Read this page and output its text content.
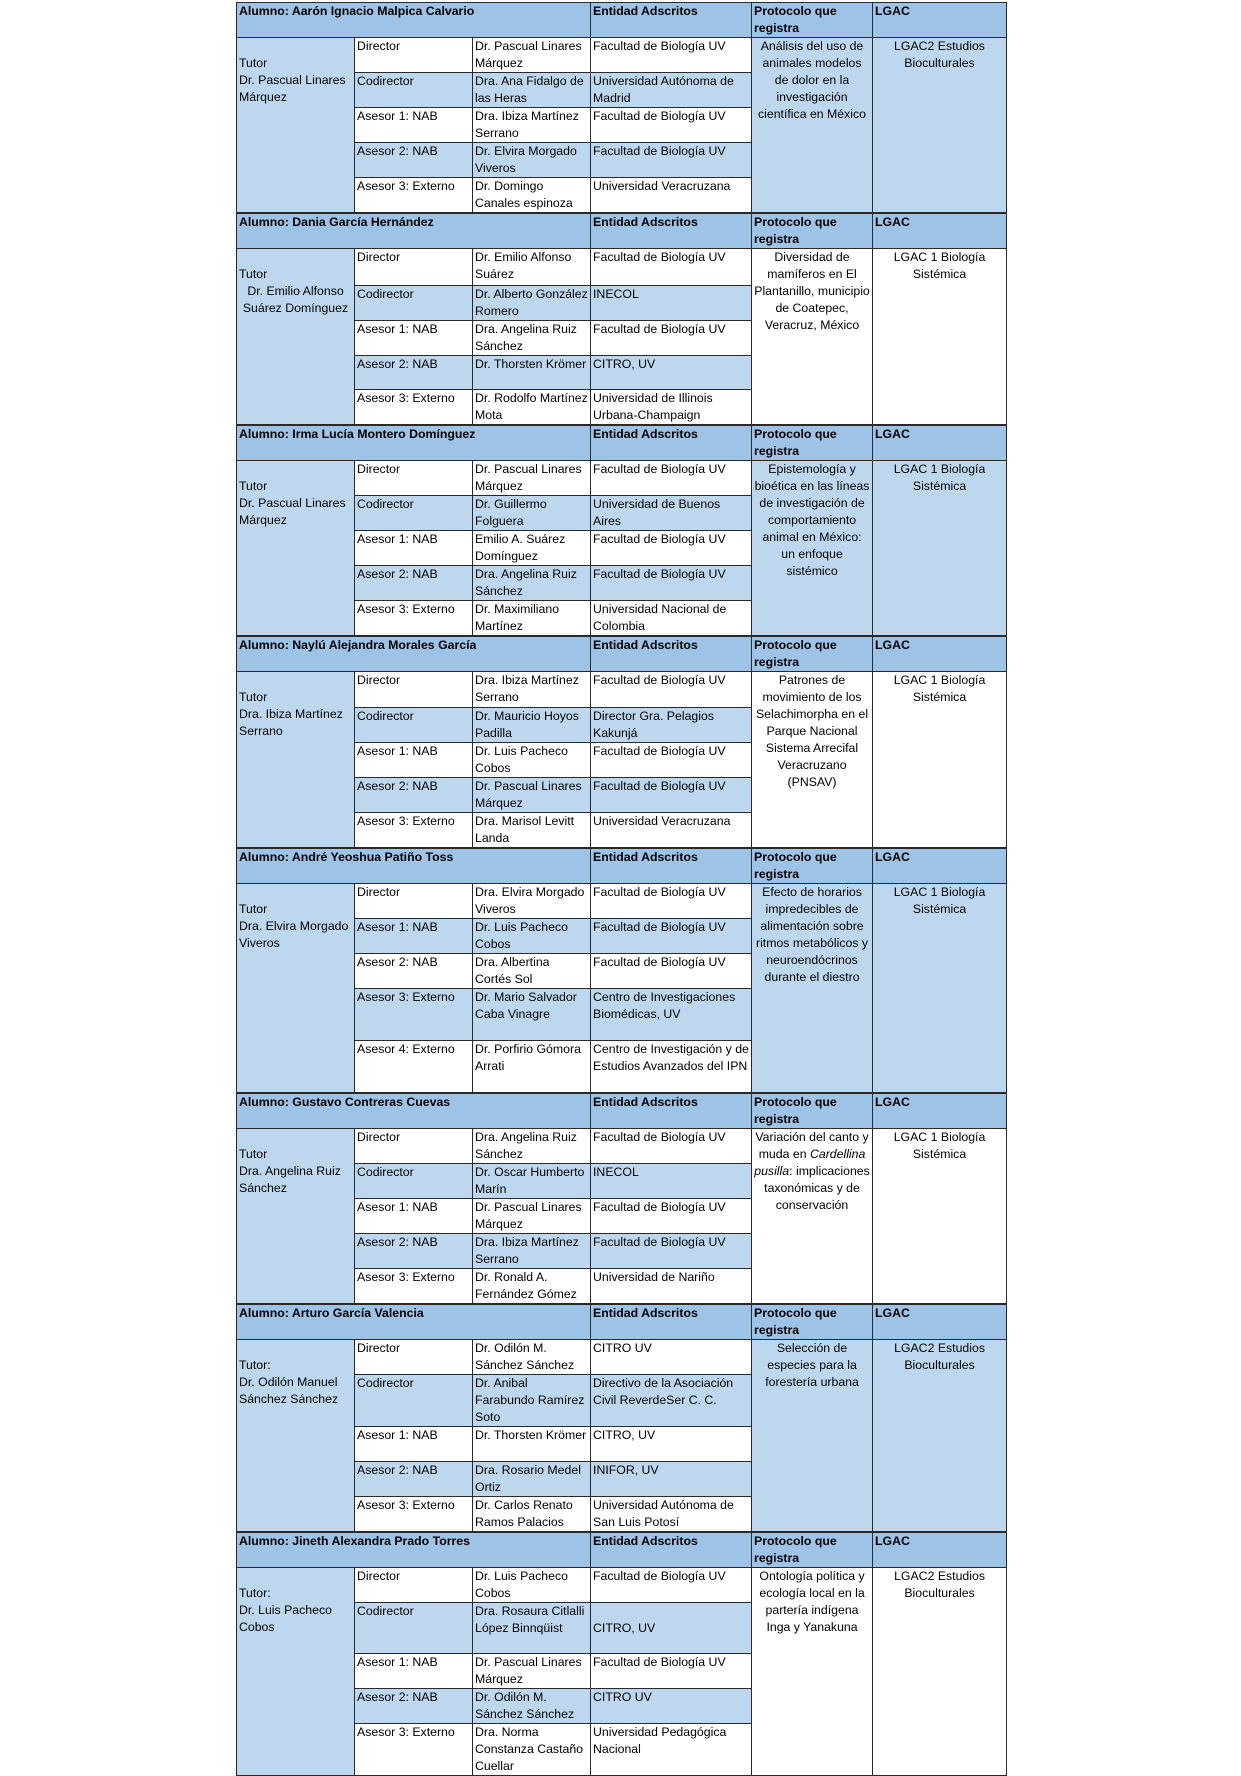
Alumno: Aarón Ignacio Malpica Calvario			Entidad Adscritos	Protocolo que registra	LGAC

Tutor
Dr. Pascual Linares Márquez	Director	Dr. Pascual Linares Márquez	Facultad de Biología UV	Análisis del uso de animales modelos de dolor en la investigación científica en México	LGAC2 Estudios Bioculturales
	Codirector	Dra. Ana Fidalgo de las Heras	Universidad Autónoma de Madrid		
	Asesor 1: NAB	Dra. Ibiza Martínez Serrano	Facultad de Biología UV		
	Asesor 2: NAB	Dr. Elvira Morgado Viveros	Facultad de Biología UV		
	Asesor 3: Externo	Dr. Domingo Canales espinoza	Universidad Veracruzana		
Alumno: Dania García Hernández			Entidad Adscritos	Protocolo que registra	LGAC

Tutor
Dr. Emilio Alfonso Suárez Domínguez	Director	Dr. Emilio Alfonso Suárez	Facultad de Biología UV	Diversidad de mamíferos en El Plantanillo, municipio de Coatepec, Veracruz, México	LGAC 1 Biología Sistémica
	Codirector	Dr. Alberto González Romero	INECOL		
	Asesor 1: NAB	Dra. Angelina Ruiz Sánchez	Facultad de Biología UV		
	Asesor 2: NAB	Dr. Thorsten Krömer	CITRO, UV		
	Asesor 3: Externo	Dr. Rodolfo Martínez Mota	Universidad de Illinois Urbana-Champaign		
Alumno: Irma Lucía Montero Domínguez			Entidad Adscritos	Protocolo que registra	LGAC

Tutor
Dr. Pascual Linares Márquez	Director	Dr. Pascual Linares Márquez	Facultad de Biología UV	Epistemología y bioética en las líneas de investigación de comportamiento animal en México: un enfoque sistémico	LGAC 1 Biología Sistémica
	Codirector	Dr. Guillermo Folguera	Universidad de Buenos Aires		
	Asesor 1: NAB	Emilio A. Suárez Domínguez	Facultad de Biología UV		
	Asesor 2: NAB	Dra. Angelina Ruiz Sánchez	Facultad de Biología UV		
	Asesor 3: Externo	Dr. Maximiliano Martínez	Universidad Nacional de Colombia		
Alumno: Naylú Alejandra Morales García			Entidad Adscritos	Protocolo que registra	LGAC

Tutor
Dra. Ibiza Martínez Serrano	Director	Dra. Ibiza Martínez Serrano	Facultad de Biología UV	Patrones de movimiento de los Selachimorpha en el Parque Nacional Sistema Arrecifal Veracruzano (PNSAV)	LGAC 1 Biología Sistémica
	Codirector	Dr. Mauricio Hoyos Padilla	Director Gra. Pelagios Kakunjá		
	Asesor 1: NAB	Dr. Luis Pacheco Cobos	Facultad de Biología UV		
	Asesor 2: NAB	Dr. Pascual Linares Márquez	Facultad de Biología UV		
	Asesor 3: Externo	Dra. Marisol Levitt Landa	Universidad Veracruzana		
Alumno: André Yeoshua Patiño Toss			Entidad Adscritos	Protocolo que registra	LGAC

Tutor
Dra. Elvira Morgado Viveros	Director	Dra. Elvira Morgado Viveros	Facultad de Biología UV	Efecto de horarios impredecibles de alimentación sobre ritmos metabólicos y neuroendócrinos durante el diestro	LGAC 1 Biología Sistémica
	Asesor 1: NAB	Dr. Luis Pacheco Cobos	Facultad de Biología UV		
	Asesor 2: NAB	Dra. Albertina Cortés Sol	Facultad de Biología UV		
	Asesor 3: Externo	Dr. Mario Salvador Caba Vinagre	Centro de Investigaciones Biomédicas, UV		
	Asesor 4: Externo	Dr. Porfirio Gómora Arrati	Centro de Investigación y de Estudios Avanzados del IPN		
Alumno: Gustavo Contreras Cuevas			Entidad Adscritos	Protocolo que registra	LGAC

Tutor
Dra. Angelina Ruiz Sánchez	Director	Dra. Angelina Ruiz Sánchez	Facultad de Biología UV	Variación del canto y muda en Cardellina pusilla: implicaciones taxonómicas y de conservación	LGAC 1 Biología Sistémica
	Codirector	Dr. Oscar Humberto Marín	INECOL		
	Asesor 1: NAB	Dr. Pascual Linares Márquez	Facultad de Biología UV		
	Asesor 2: NAB	Dra. Ibiza Martínez Serrano	Facultad de Biología UV		
	Asesor 3: Externo	Dr. Ronald A. Fernández Gómez	Universidad de Nariño		
Alumno: Arturo García Valencia			Entidad Adscritos	Protocolo que registra	LGAC

Tutor:
Dr. Odilón Manuel Sánchez Sánchez	Director	Dr. Odilón M. Sánchez Sánchez	CITRO UV	Selección de especies para la forestería urbana	LGAC2 Estudios Bioculturales
	Codirector	Dr. Anibal Farabundo Ramírez Soto	Directivo de la Asociación Civil ReverdeSer C. C.		
	Asesor 1: NAB	Dr. Thorsten Krömer	CITRO, UV		
	Asesor 2: NAB	Dra. Rosario Medel Ortiz	INIFOR, UV		
	Asesor 3: Externo	Dr. Carlos Renato Ramos Palacios	Universidad Autónoma de San Luis Potosí		
Alumno: Jineth Alexandra Prado Torres			Entidad Adscritos	Protocolo que registra	LGAC

Tutor:
Dr. Luis Pacheco Cobos	Director	Dr. Luis Pacheco Cobos	Facultad de Biología UV	Ontología política y ecología local en la partería indígena Inga y Yanakuna	LGAC2 Estudios Bioculturales
	Codirector	Dra. Rosaura Citlalli López Binnqüist	CITRO, UV		
	Asesor 1: NAB	Dr. Pascual Linares Márquez	Facultad de Biología UV		
	Asesor 2: NAB	Dr. Odilón M. Sánchez Sánchez	CITRO UV		
	Asesor 3: Externo	Dra. Norma Constanza Castaño Cuellar	Universidad Pedagógica Nacional		
